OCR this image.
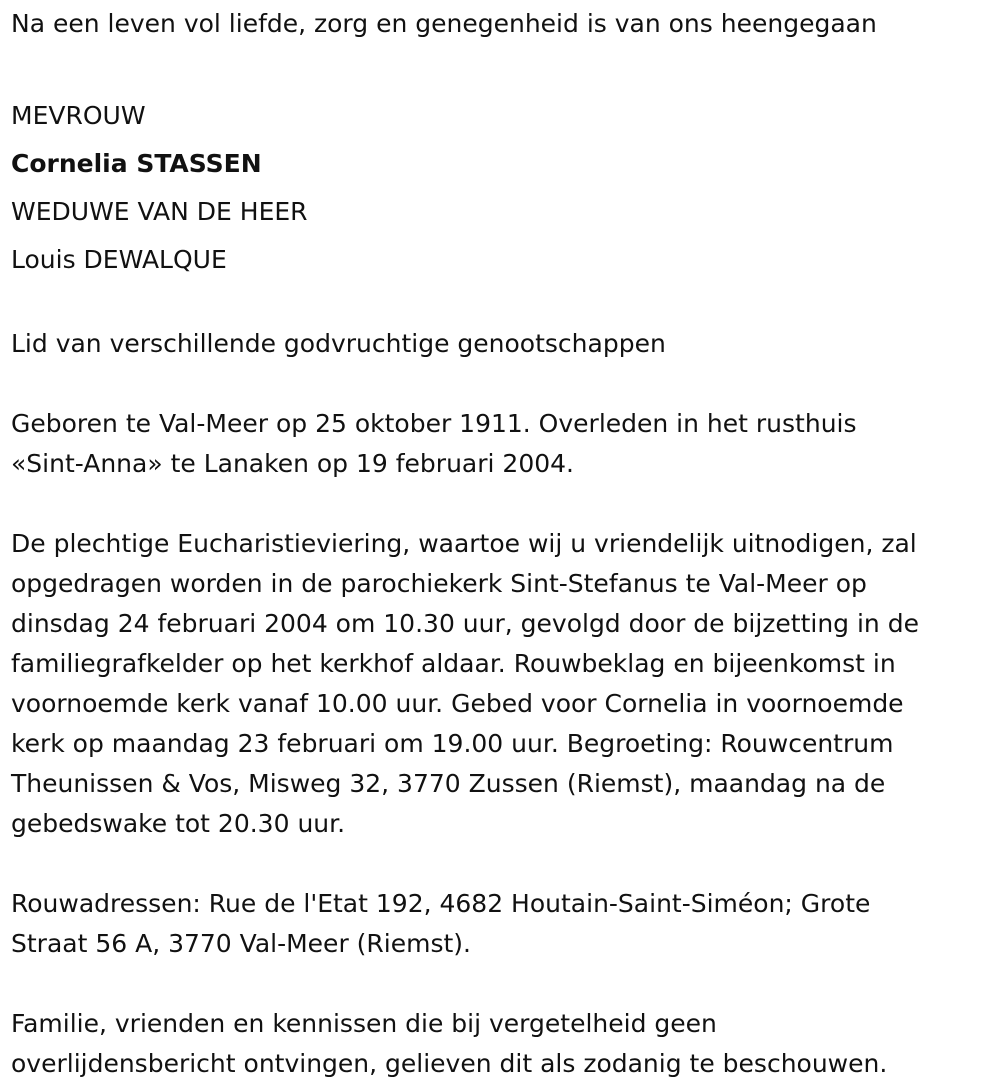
Na een leven vol liefde, zorg en genegenheid is van ons heengegaan

MEVROUW

Cornelia STASSEN

WEDUWE VAN DE HEER

Louis DEWALQUE

Lid van verschillende godvruchtige genootschappen

Geboren te Val-Meer op 25 oktober 1911. Overleden in het rusthuis

«Sint-Anna» te Lanaken op 19 februari 2004.

De plechtige Eucharistieviering, waartoe wij u vriendelijk uitnodigen, zal

opgedragen worden in de parochiekerk Sint-Stefanus te Val-Meer op

dinsdag 24 februari 2004 om 10.30 uur, gevolgd door de bijzetting in de

familiegrafkelder op het kerkhof aldaar. Rouwbeklag en bijeenkomst in

voornoemde kerk vanaf 10.00 uur. Gebed voor Cornelia in voornoemde

kerk op maandag 23 februari om 19.00 uur. Begroeting: Rouwcentrum

Theunissen & Vos, Misweg 32, 3770 Zussen (Riemst), maandag na de

gebedswake tot 20.30 uur.

Rouwadressen: Rue de l'Etat 192, 4682 Houtain-Saint-Siméon; Grote

Straat 56 A, 3770 Val-Meer (Riemst).

Familie, vrienden en kennissen die bij vergetelheid geen

overlijdensbericht ontvingen, gelieven dit als zodanig te beschouwen.
